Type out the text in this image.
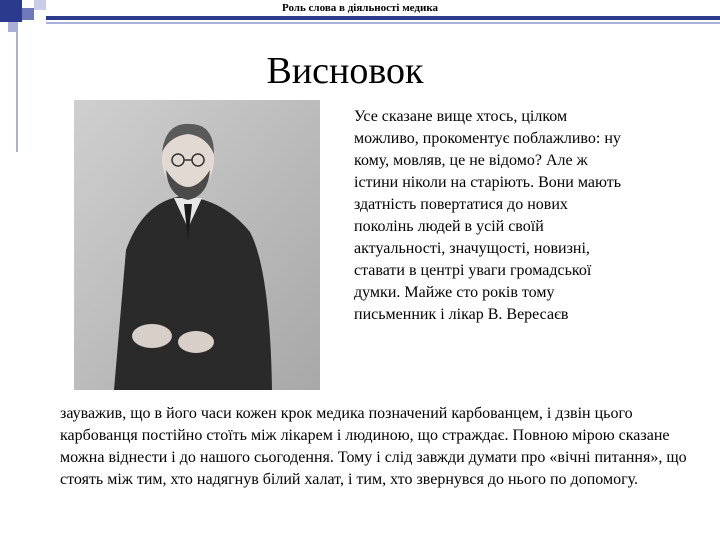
Роль слова в діяльності медика
Висновок

Усе сказане вище хтось, цілком можливо, прокоментує поблажливо: ну кому, мовляв, це не відомо? Але ж істини ніколи на старіють. Вони мають здатність повертатися до нових поколінь людей в усій своїй актуальності, значущості, новизні, ставати в центрі уваги громадської думки. Майже сто років тому письменник і лікар В. Вересаєв

зауважив, що в його часи кожен крок медика позначений карбованцем, і дзвін цього карбованця постійно стоїть між лікарем і людиною, що страждає. Повною мірою сказане можна віднести і до нашого сьогодення. Тому і слід завжди думати про «вічні питання», що стоять між тим, хто надягнув білий халат, і тим, хто звернувся до нього по допомогу.
